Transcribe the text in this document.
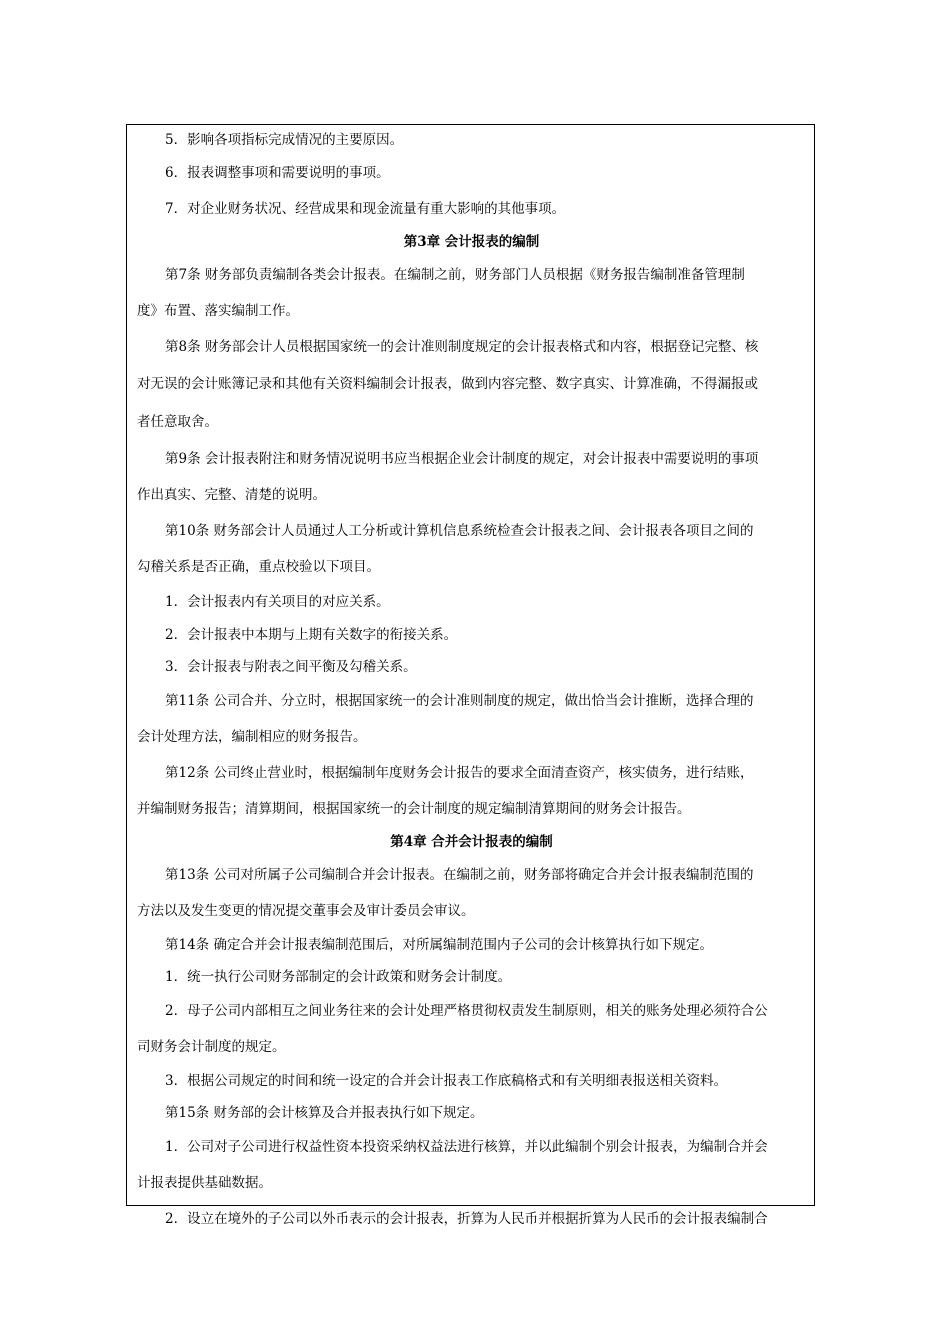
5．影响各项指标完成情况的主要原因。
6．报表调整事项和需要说明的事项。
7．对企业财务状况、经营成果和现金流量有重大影响的其他事项。
第3章 会计报表的编制
第7条 财务部负责编制各类会计报表。在编制之前，财务部门人员根据《财务报告编制准备管理制
度》布置、落实编制工作。
第8条 财务部会计人员根据国家统一的会计准则制度规定的会计报表格式和内容，根据登记完整、核
对无误的会计账簿记录和其他有关资料编制会计报表，做到内容完整、数字真实、计算准确，不得漏报或
者任意取舍。
第9条 会计报表附注和财务情况说明书应当根据企业会计制度的规定，对会计报表中需要说明的事项
作出真实、完整、清楚的说明。
第10条 财务部会计人员通过人工分析或计算机信息系统检查会计报表之间、会计报表各项目之间的
勾稽关系是否正确，重点校验以下项目。
1．会计报表内有关项目的对应关系。
2．会计报表中本期与上期有关数字的衔接关系。
3．会计报表与附表之间平衡及勾稽关系。
第11条 公司合并、分立时，根据国家统一的会计准则制度的规定，做出恰当会计推断，选择合理的
会计处理方法，编制相应的财务报告。
第12条 公司终止营业时，根据编制年度财务会计报告的要求全面清查资产，核实债务，进行结账，
并编制财务报告；清算期间，根据国家统一的会计制度的规定编制清算期间的财务会计报告。
第4章 合并会计报表的编制
第13条 公司对所属子公司编制合并会计报表。在编制之前，财务部将确定合并会计报表编制范围的
方法以及发生变更的情况提交董事会及审计委员会审议。
第14条 确定合并会计报表编制范围后，对所属编制范围内子公司的会计核算执行如下规定。
1．统一执行公司财务部制定的会计政策和财务会计制度。
2．母子公司内部相互之间业务往来的会计处理严格贯彻权责发生制原则，相关的账务处理必须符合公
司财务会计制度的规定。
3．根据公司规定的时间和统一设定的合并会计报表工作底稿格式和有关明细表报送相关资料。
第15条 财务部的会计核算及合并报表执行如下规定。
1．公司对子公司进行权益性资本投资采纳权益法进行核算，并以此编制个别会计报表，为编制合并会
计报表提供基础数据。
2．设立在境外的子公司以外币表示的会计报表，折算为人民币并根据折算为人民币的会计报表编制合
